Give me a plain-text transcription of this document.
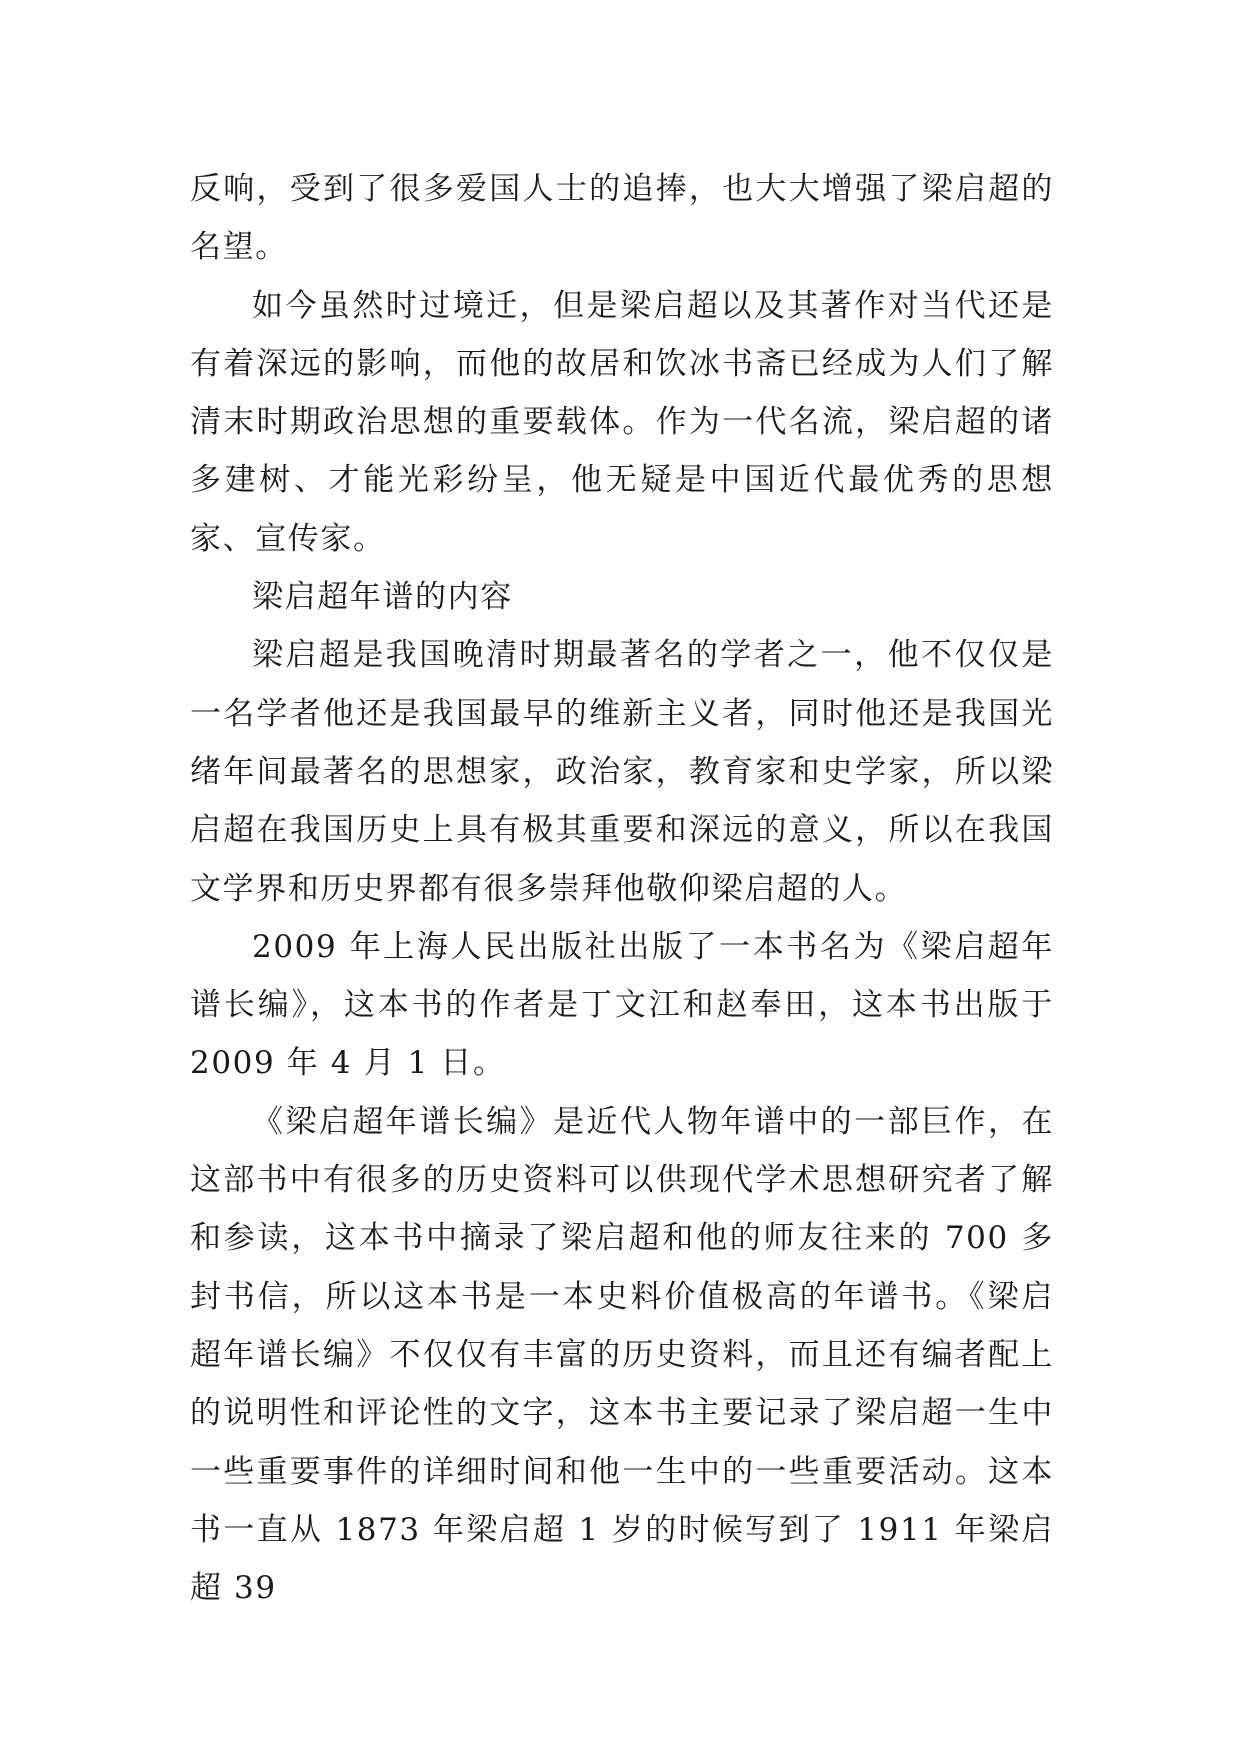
反响，受到了很多爱国人士的追捧，也大大增强了梁启超的名望。

如今虽然时过境迁，但是梁启超以及其著作对当代还是有着深远的影响，而他的故居和饮冰书斋已经成为人们了解清末时期政治思想的重要载体。作为一代名流，梁启超的诸多建树、才能光彩纷呈，他无疑是中国近代最优秀的思想家、宣传家。

梁启超年谱的内容

梁启超是我国晚清时期最著名的学者之一，他不仅仅是一名学者他还是我国最早的维新主义者，同时他还是我国光绪年间最著名的思想家，政治家，教育家和史学家，所以梁启超在我国历史上具有极其重要和深远的意义，所以在我国文学界和历史界都有很多崇拜他敬仰梁启超的人。

2009 年上海人民出版社出版了一本书名为《梁启超年谱长编》，这本书的作者是丁文江和赵奉田，这本书出版于 2009 年 4 月 1 日。

《梁启超年谱长编》是近代人物年谱中的一部巨作，在这部书中有很多的历史资料可以供现代学术思想研究者了解和参读，这本书中摘录了梁启超和他的师友往来的 700 多封书信，所以这本书是一本史料价值极高的年谱书。《梁启超年谱长编》不仅仅有丰富的历史资料，而且还有编者配上的说明性和评论性的文字，这本书主要记录了梁启超一生中一些重要事件的详细时间和他一生中的一些重要活动。这本书一直从 1873 年梁启超 1 岁的时候写到了 1911 年梁启超 39
